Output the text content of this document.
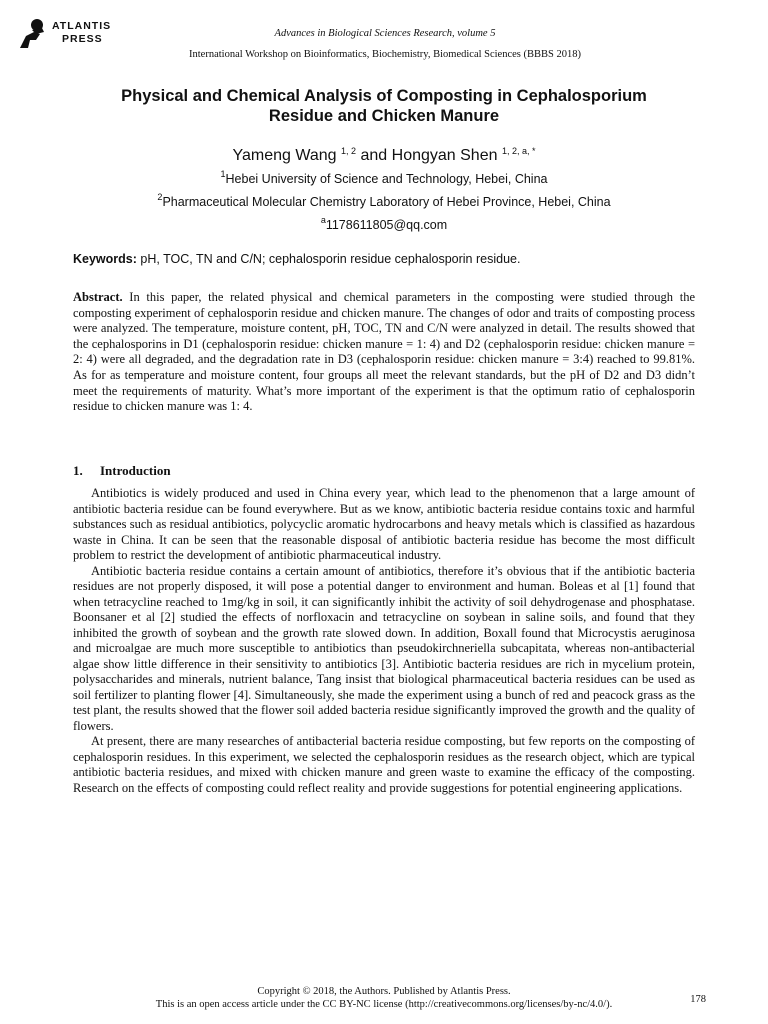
ATLANTIS
PRESS	Advances in Biological Sciences Research, volume 5
International Workshop on Bioinformatics, Biochemistry, Biomedical Sciences (BBBS 2018)
Physical and Chemical Analysis of Composting in Cephalosporium
Residue and Chicken Manure
Yameng Wang $^{1, 2}$ and Hongyan Shen $^{1, 2, a, *}$
$^1$Hebei University of Science and Technology, Hebei, China
$^2$Pharmaceutical Molecular Chemistry Laboratory of Hebei Province, Hebei, China
$^a$1178611805@qq.com
Keywords: pH, TOC, TN and C/N; cephalosporin residue cephalosporin residue.

Abstract. In this paper, the related physical and chemical parameters in the composting were studied through the composting experiment of cephalosporin residue and chicken manure. The changes of odor and traits of composting process were analyzed. The temperature, moisture content, pH, TOC, TN and C/N were analyzed in detail. The results showed that the cephalosporins in D1 (cephalosporin residue: chicken manure = 1: 4) and D2 (cephalosporin residue: chicken manure = 2: 4) were all degraded, and the degradation rate in D3 (cephalosporin residue: chicken manure = 3:4) reached to 99.81%. As for as temperature and moisture content, four groups all meet the relevant standards, but the pH of D2 and D3 didn’t meet the requirements of maturity. What’s more important of the experiment is that the optimum ratio of cephalosporin residue to chicken manure was 1: 4.

1. Introduction

Antibiotics is widely produced and used in China every year, which lead to the phenomenon that a large amount of antibiotic bacteria residue can be found everywhere. But as we know, antibiotic bacteria residue contains toxic and harmful substances such as residual antibiotics, polycyclic aromatic hydrocarbons and heavy metals which is classified as hazardous waste in China. It can be seen that the reasonable disposal of antibiotic bacteria residue has become the most difficult problem to restrict the development of antibiotic pharmaceutical industry.

Antibiotic bacteria residue contains a certain amount of antibiotics, therefore it’s obvious that if the antibiotic bacteria residues are not properly disposed, it will pose a potential danger to environment and human. Boleas et al [1] found that when tetracycline reached to 1mg/kg in soil, it can significantly inhibit the activity of soil dehydrogenase and phosphatase. Boonsaner et al [2] studied the effects of norfloxacin and tetracycline on soybean in saline soils, and found that they inhibited the growth of soybean and the growth rate slowed down. In addition, Boxall found that Microcystis aeruginosa and microalgae are much more susceptible to antibiotics than pseudokirchneriella subcapitata, whereas non-antibacterial algae show little difference in their sensitivity to antibiotics [3]. Antibiotic bacteria residues are rich in mycelium protein, polysaccharides and minerals, nutrient balance, Tang insist that biological pharmaceutical bacteria residues can be used as soil fertilizer to planting flower [4]. Simultaneously, she made the experiment using a bunch of red and peacock grass as the test plant, the results showed that the flower soil added bacteria residue significantly improved the growth and the quality of flowers.

At present, there are many researches of antibacterial bacteria residue composting, but few reports on the composting of cephalosporin residues. In this experiment, we selected the cephalosporin residues as the research object, which are typical antibiotic bacteria residues, and mixed with chicken manure and green waste to examine the efficacy of the composting. Research on the effects of composting could reflect reality and provide suggestions for potential engineering applications.

Copyright © 2018, the Authors. Published by Atlantis Press.
This is an open access article under the CC BY-NC license (http://creativecommons.org/licenses/by-nc/4.0/).	178
